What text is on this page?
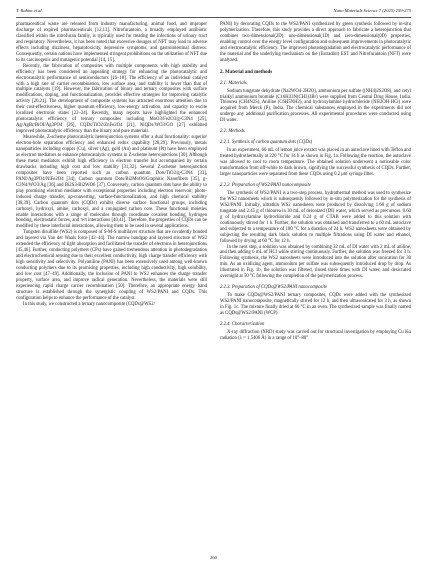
T. Rahim et al.	Nano Materials Science 7 (2025) 259-275

pharmaceutical waste are released from industry manufacturing, animal food, and improper discharge of expired pharmaceuticals [12,13]. Nitrofurantoin, a broadly employed antibiotic classified within the nitrofuran family, is typically used for treating the infections of urinary tract and respiratory. Nevertheless, it has been noted that excessive dosages of NFT may lead to adverse effects including dizziness, hepatotoxicity, depressive symptoms, and gastrointestinal distress. Consequently, certain nations have implemented stringent prohibitions on the utilization of NFT due to its carcinogenic and mutagenic potential [14, 15].

Recently, the fabrication of composites with multiple components with high stability and efficiency has been considered an appealing strategy for enhancing the photocatalytic and electrocatalytic performance of semiconductors [16–18]. The efficiency of an individual catalyst with a high rate of carrier recombination, low surface area, and stability is lower than that of multiple catalysts [19]. However, the fabrication of binary and ternary composites with surface modifications, doping, and functionalization, provides effective strategies for improving catalytic activity [20,21]. The development of composite systems has attracted enormous attention due to their cost-effectiveness, higher quantum efficiency, low-energy activation, and capacity to excite localized electronic states [22–24]. Recently, many reports have highlighted the enhanced photocatalytic efficiency of ternary composites including MoO3/Fe2O3/g-C3N4 [25], Ag/AgBr/BiOI/Ag3PO4 [26], CQDs/TiO2/ZnFe2O4 [21], NiQDs/WO3/GO [27] exhibited improved photocatalytic efficiency than the binary and pure materials.

Meanwhile, Z-scheme photocatalytic heterojunction systems offer a dual functionality: superior electron-hole separation efficiency and enhanced redox capability [28,29]. Previously, metals nanoparticles including copper (Cu), silver (Ag), gold (Au) and platinum (Pt) have been employed as electron mediators to enhance photocatalytic systems in Z-scheme heterojunctions [30]. Although these metal mediators exhibit high efficiency in electron transfer but accompanied by certain drawbacks including high cost and low stability [31,32]. Several Z-scheme heterojunction composites have been reported such as carbon quantum Dots/TiO2/g-C3N4 [33], PANI/Ag3PO4/NiFe2O4 [34], Carbon quantum Dots/Bi2MoO6/Graphitic Nanofibers [35], g-C3N4/WO3/Ag [36] and Bi2S3-Bi2WO6 [37]. Conversely, carbon quantum dots have the ability to play promising electron mediator with exceptional properties including electron reservoir, photo-induced charge transfer, up-converting, surface-functionalization, and high chemical stability [38,39]. Carbon quantum dots (CQDs) exhibit diverse surface functional groups, including carbonyl, hydroxyl, amine, carboxyl, and a conjugated carbon core. These functional moieties enable interactions with a range of molecules through coordinate covalent bonding, hydrogen bonding, electrostatic forces, and π-π interactions [40,41]. Therefore, the properties of CQDs can be modified by these interfacial interactions, allowing them to be used in several applications.

Tungsten disulfide (WS2) is composed of S-M-S multilayer structure that are covalently bonded and layered via Van der Waals force [42–44]. The narrow bandgap and layered structure of WS2 extended the efficiency of light absorption and facilitated the transfer of electrons in heterojunctions [45,46]. Further, conducting polymers (CPs) have gained tremendous attention in photodegradation and electrochemical sensing due to their excellent conductivity, high charge transfer efficiency with high sensitivity and selectivity. Polyaniline (PANI) has been extensively used among well-known conducting polymers due to its promising properties, including high conductivity, high solubility, and low cost [47–49]. Additionally, the inclusion of PANI to WS2 enhances the charge transfer property, surface area, and improve radical generation. Nevertheless, the materials were still experiencing rapid charge carrier recombination [50]. Therefore, an appropriate energy band structure is established through the synergistic coupling of WS2/PANI and CQDs. This configuration helps to enhance the performance of the catalyst.

In this study, we constructed a ternary nanocomposite (CQDs@WS2/

PANI) by decorating CQDs to the WS2/PANI synthesized by green synthesis followed by in-situ polymerization. Therefore, this study provides a direct approach to fabricate a heterojunction that combines two-dimensional(2D), one-dimensional(1D) and zero-dimensional(0D) properties, enabling control over the energy level configuration and subsequent improvements in photocatalytic and electrocatalytic efficiency. The improved photodegradation and electrocatalytic performance of the material and the underlying mechanism on the (Estradiol) EST and Nitrofurantoin (NFT) were analyzed.

2. Material and methods
2.1. Materials

Sodium tungstate dehydrate (Na2WO4·2H2O), ammonium per sulfate ((NH4)2S2O8), and cetyl trialkyl ammonium bromide (C16H33N(CH3)3Br) were supplied from Central Drug House, India. Thiourea (CH4N2S), Aniline (C6H5NH2), and hydroxylamine hydrochloride (NH2OH·HCl) were acquired from Merck (P), India. The chemical substances employed in the experiments did not undergo any additional purification processes. All experimental procedures were conducted using DI water.

2.2. Methods
2.2.1. Synthesis of carbon quantum dots (CQDs)

In an experiment, 60 mL of lemon juice extract was placed in an autoclave lined with Teflon and treated hydrothermally at 220 °C for 14 h as shown in Fig. 1a. Following the reaction, the autoclave was allowed to cool to room temperature. The obtained solution underwent a noticeable color transformation from off-white to dark brown, signifying the successful synthesis of CQDs. Further, larger nanoparticles were separated from these CQDs using 0.2 μm syringe filter.

2.2.2. Preparation of WS2/PANI nanocomposite

The synthesis of WS2/PANI is a two-step process, hydrothermal method was used to synthesize the WS2 nanosheets which is subsequently followed by in-situ polymerization for the synthesis of WS2/PANI. Initially, ultrathin WS2 nanosheets were produced by dissolving 1.60 g of sodium tungstate and 2.45 g of thiourea in 30 mL of deionized (DI) water, which served as precursors. 0.60 g of hydroxylamine hydrochloride and 0.24 g of CTAB were added to this solution with continuously stirred for 1 h. Further, the solution was obtained and transferred to a 60 mL autoclave and subjected to a temperature of 180 °C for a duration of 24 h. WS2 nanosheets were obtained by subjecting the resulting dark black solution to multiple filtrations using DI water and ethanol, followed by drying at 60 °C for 12 h.

In the next step, a solution was obtained by combining 32 mL of DI water with 2 mL of aniline, and then adding 6 mL of HCl while stirring continuously. Further, the solution was freezed for 3 h. Following synthesis, the WS2 nanosheets were introduced into the solution after sonication for 30 min. As an oxidizing agent, ammonium per sulfate was subsequently introduced drop by drop. As illustrated in Fig. 1b, the solution was filtered, rinsed three times with DI water, and desiccated overnight at 50 °C following the completion of the polymerization process.

2.2.3. Preparation of CQDs@WS2/PANI nanocomposite

To make CQDs@WS2/PANI ternary composites, CQDs were added with the synthesized WS2/PANI nanocomposite, magnetically stirred for 12 h, and then ultrasonicated for 3 h, as shown in Fig. 1c. The mixture finally dried at 60 °C in an oven. The synthesized sample was finally named as CQDs@WS2/PANI (WCP).

2.2.4. Characterization

X-ray diffraction (XRD) study was carried out for structural investigation by employing Cu Kα radiation (λ = 1.5406 Å) in a range of 10°–80°

260
